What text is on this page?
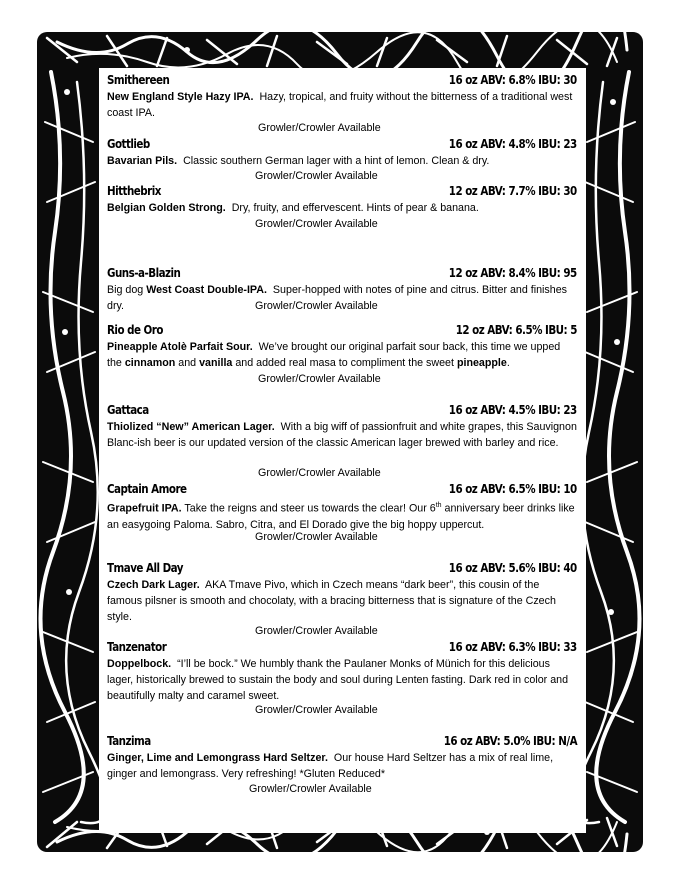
Smithereen	16 oz ABV: 6.8% IBU: 30

New England Style Hazy IPA. Hazy, tropical, and fruity without the bitterness of a traditional west coast IPA.

Growler/Crowler Available
Gottlieb	16 oz ABV: 4.8% IBU: 23

Bavarian Pils. Classic southern German lager with a hint of lemon. Clean & dry.

Growler/Crowler Available
Hitthebrix	12 oz ABV: 7.7% IBU: 30

Belgian Golden Strong. Dry, fruity, and effervescent. Hints of pear & banana.

Growler/Crowler Available
Guns-a-Blazin	12 oz ABV: 8.4% IBU: 95

Big dog West Coast Double-IPA. Super-hopped with notes of pine and citrus. Bitter and finishes dry.	Growler/Crowler Available
Rio de Oro	12 oz ABV: 6.5% IBU: 5

Pineapple Atolè Parfait Sour. We’ve brought our original parfait sour back, this time we upped the cinnamon and vanilla and added real masa to compliment the sweet pineapple.

Growler/Crowler Available
Gattaca	16 oz ABV: 4.5% IBU: 23

Thiolized “New” American Lager. With a big wiff of passionfruit and white grapes, this Sauvignon Blanc-ish beer is our updated version of the classic American lager brewed with barley and rice.

Growler/Crowler Available
Captain Amore	16 oz ABV: 6.5% IBU: 10

Grapefruit IPA. Take the reigns and steer us towards the clear! Our 6th anniversary beer drinks like an easygoing Paloma. Sabro, Citra, and El Dorado give the big hoppy uppercut.

Growler/Crowler Available
Tmave All Day	16 oz ABV: 5.6% IBU: 40

Czech Dark Lager. AKA Tmave Pivo, which in Czech means “dark beer”, this cousin of the famous pilsner is smooth and chocolaty, with a bracing bitterness that is signature of the Czech style.

Growler/Crowler Available
Tanzenator	16 oz ABV: 6.3% IBU: 33

Doppelbock. “I’ll be bock.” We humbly thank the Paulaner Monks of Münich for this delicious lager, historically brewed to sustain the body and soul during Lenten fasting. Dark red in color and beautifully malty and caramel sweet.

Growler/Crowler Available
Tanzima	16 oz ABV: 5.0% IBU: N/A

Ginger, Lime and Lemongrass Hard Seltzer. Our house Hard Seltzer has a mix of real lime, ginger and lemongrass. Very refreshing! *Gluten Reduced*

Growler/Crowler Available
